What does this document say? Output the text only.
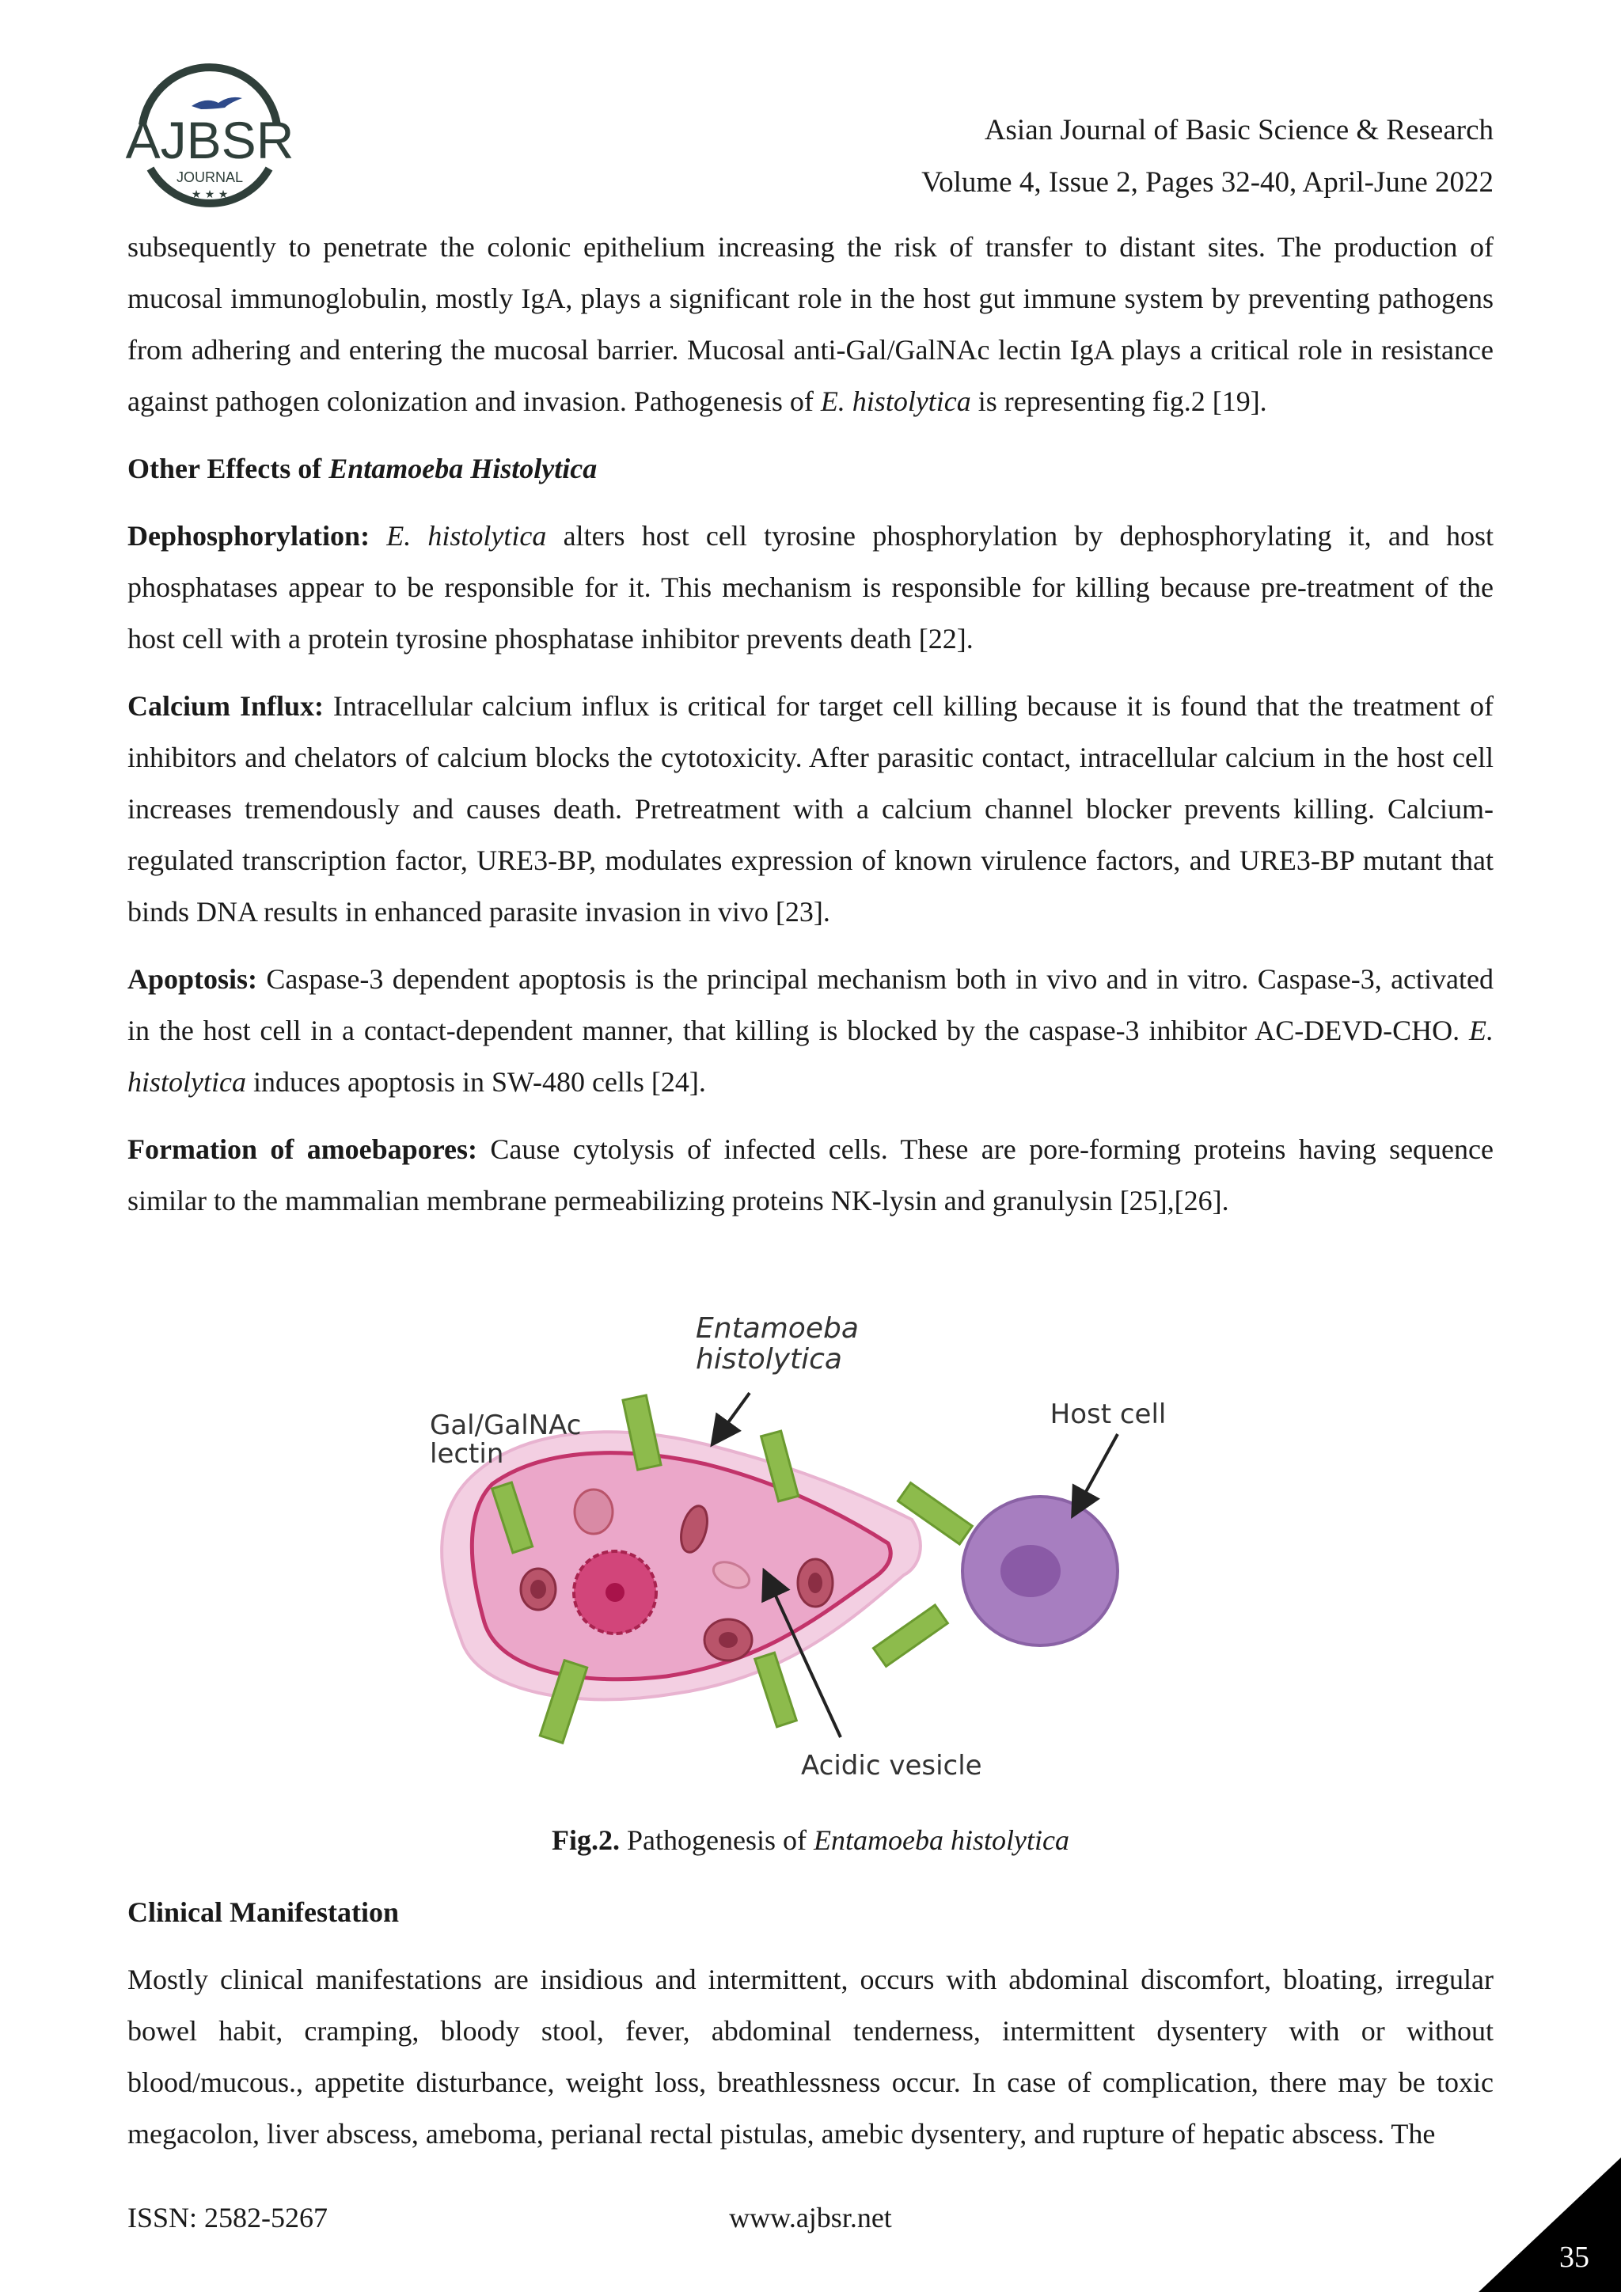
AJBSR
JOURNAL
★ ★ ★
Asian Journal of Basic Science & Research
Volume 4, Issue 2, Pages 32-40, April-June 2022

subsequently to penetrate the colonic epithelium increasing the risk of transfer to distant sites. The production of mucosal immunoglobulin, mostly IgA, plays a significant role in the host gut immune system by preventing pathogens from adhering and entering the mucosal barrier. Mucosal anti-Gal/GalNAc lectin IgA plays a critical role in resistance against pathogen colonization and invasion. Pathogenesis of E. histolytica is representing fig.2 [19].

Other Effects of Entamoeba Histolytica

Dephosphorylation: E. histolytica alters host cell tyrosine phosphorylation by dephosphorylating it, and host phosphatases appear to be responsible for it. This mechanism is responsible for killing because pre-treatment of the host cell with a protein tyrosine phosphatase inhibitor prevents death [22].

Calcium Influx: Intracellular calcium influx is critical for target cell killing because it is found that the treatment of inhibitors and chelators of calcium blocks the cytotoxicity. After parasitic contact, intracellular calcium in the host cell increases tremendously and causes death. Pretreatment with a calcium channel blocker prevents killing. Calcium-regulated transcription factor, URE3-BP, modulates expression of known virulence factors, and URE3-BP mutant that binds DNA results in enhanced parasite invasion in vivo [23].

Apoptosis: Caspase-3 dependent apoptosis is the principal mechanism both in vivo and in vitro. Caspase-3, activated in the host cell in a contact-dependent manner, that killing is blocked by the caspase-3 inhibitor AC-DEVD-CHO. E. histolytica induces apoptosis in SW-480 cells [24].

Formation of amoebapores: Cause cytolysis of infected cells. These are pore-forming proteins having sequence similar to the mammalian membrane permeabilizing proteins NK-lysin and granulysin [25],[26].

Entamoeba
histolytica
Gal/GalNAc
lectin
Host cell
Acidic vesicle
Fig.2. Pathogenesis of Entamoeba histolytica
Clinical Manifestation

Mostly clinical manifestations are insidious and intermittent, occurs with abdominal discomfort, bloating, irregular bowel habit, cramping, bloody stool, fever, abdominal tenderness, intermittent dysentery with or without blood/mucous., appetite disturbance, weight loss, breathlessness occur. In case of complication, there may be toxic megacolon, liver abscess, ameboma, perianal rectal pistulas, amebic dysentery, and rupture of hepatic abscess. The

ISSN: 2582-5267	www.ajbsr.net
35
